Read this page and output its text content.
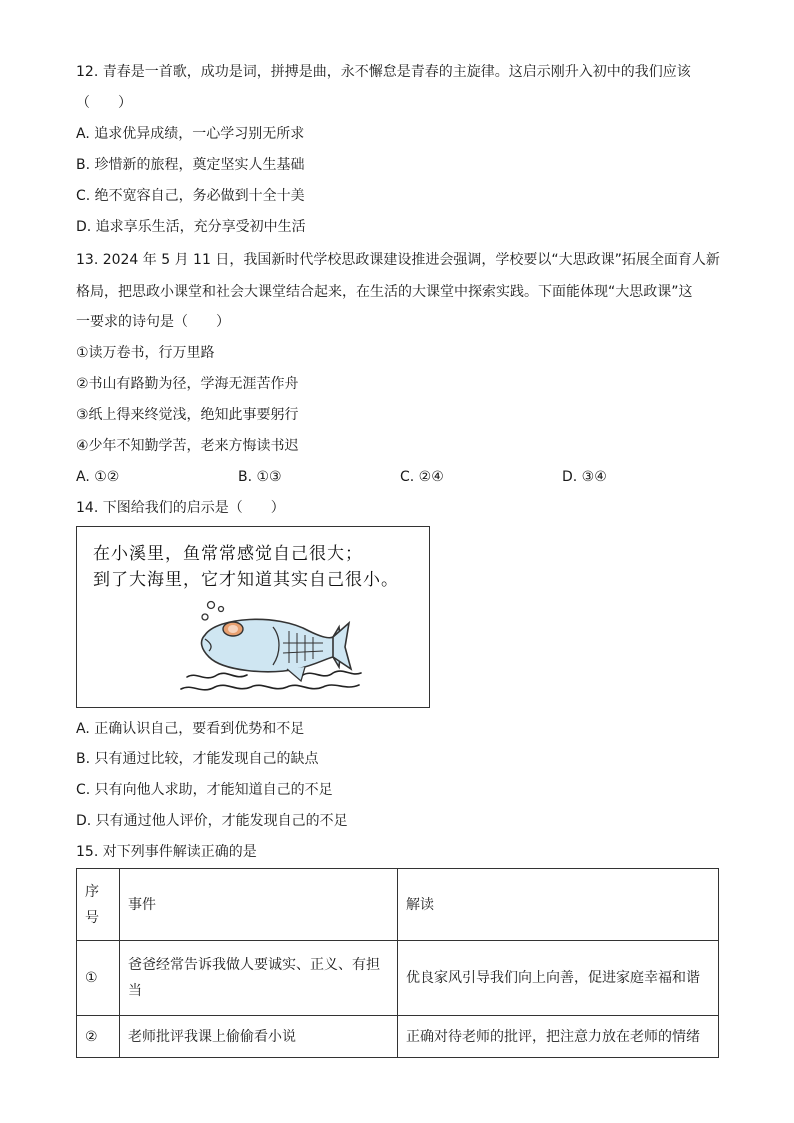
12. 青春是一首歌，成功是词，拼搏是曲，永不懈怠是青春的主旋律。这启示刚升入初中的我们应该
（　　）
A. 追求优异成绩，一心学习别无所求
B. 珍惜新的旅程，奠定坚实人生基础
C. 绝不宽容自己，务必做到十全十美
D. 追求享乐生活，充分享受初中生活
13. 2024 年 5 月 11 日，我国新时代学校思政课建设推进会强调，学校要以“大思政课”拓展全面育人新
格局，把思政小课堂和社会大课堂结合起来，在生活的大课堂中探索实践。下面能体现“大思政课”这
一要求的诗句是（　　）
①读万卷书，行万里路
②书山有路勤为径，学海无涯苦作舟
③纸上得来终觉浅，绝知此事要躬行
④少年不知勤学苦，老来方悔读书迟
A. ①②	B. ①③	C. ②④	D. ③④
14. 下图给我们的启示是（　　）
在小溪里，鱼常常感觉自己很大；
到了大海里，它才知道其实自己很小。
A. 正确认识自己，要看到优势和不足
B. 只有通过比较，才能发现自己的缺点
C. 只有向他人求助，才能知道自己的不足
D. 只有通过他人评价，才能发现自己的不足
15. 对下列事件解读正确的是
序号	事件	解读
①	爸爸经常告诉我做人要诚实、正义、有担当	优良家风引导我们向上向善，促进家庭幸福和谐
②	老师批评我课上偷偷看小说	正确对待老师的批评，把注意力放在老师的情绪
